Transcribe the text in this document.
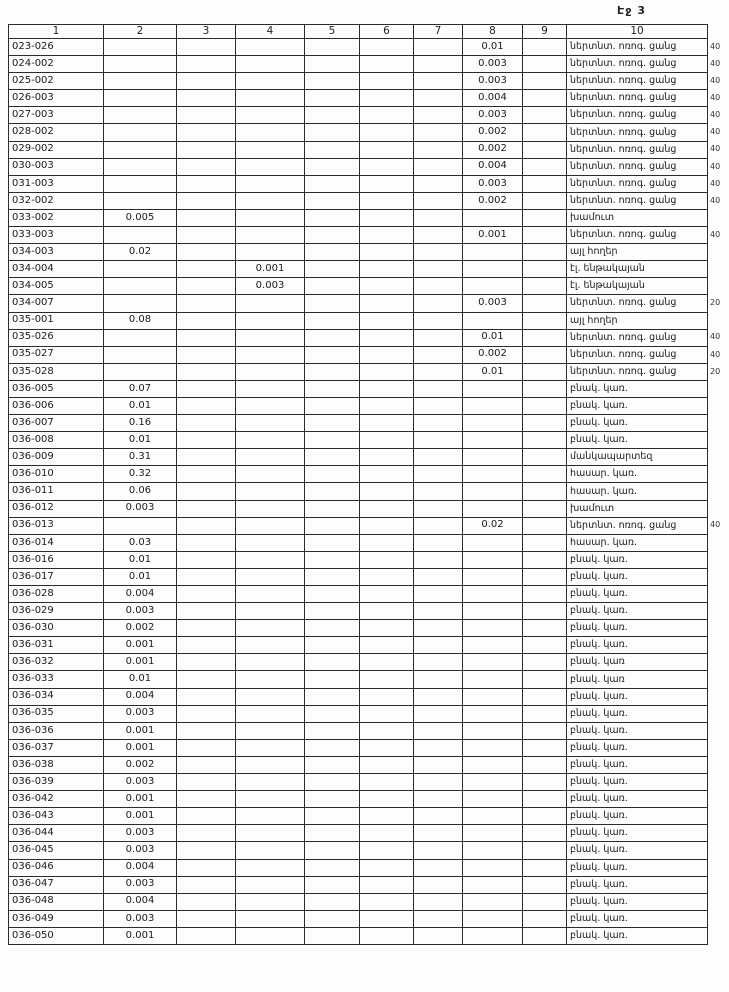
Էջ 3
1	2	3	4	5	6	7	8	9	10	
023-026							0.01		ներտնտ. ոռոգ. ցանց	40
024-002							0.003		ներտնտ. ոռոգ. ցանց	40
025-002							0.003		ներտնտ. ոռոգ. ցանց	40
026-003							0.004		ներտնտ. ոռոգ. ցանց	40
027-003							0.003		ներտնտ. ոռոգ. ցանց	40
028-002							0.002		ներտնտ. ոռոգ. ցանց	40
029-002							0.002		ներտնտ. ոռոգ. ցանց	40
030-003							0.004		ներտնտ. ոռոգ. ցանց	40
031-003							0.003		ներտնտ. ոռոգ. ցանց	40
032-002							0.002		ներտնտ. ոռոգ. ցանց	40
033-002	0.005								խամուտ	
033-003							0.001		ներտնտ. ոռոգ. ցանց	40
034-003	0.02								այլ հողեր	
034-004			0.001						էլ. ենթակայան	
034-005			0.003						էլ. ենթակայան	
034-007							0.003		ներտնտ. ոռոգ. ցանց	20
035-001	0.08								այլ հողեր	
035-026							0.01		ներտնտ. ոռոգ. ցանց	40
035-027							0.002		ներտնտ. ոռոգ. ցանց	40
035-028							0.01		ներտնտ. ոռոգ. ցանց	20
036-005	0.07								բնակ. կառ.	
036-006	0.01								բնակ. կառ.	
036-007	0.16								բնակ. կառ.	
036-008	0.01								բնակ. կառ.	
036-009	0.31								մանկապարտեզ	
036-010	0.32								հասար. կառ.	
036-011	0.06								հասար. կառ.	
036-012	0.003								խամուտ	
036-013							0.02		ներտնտ. ոռոգ. ցանց	40
036-014	0.03								հասար. կառ.	
036-016	0.01								բնակ. կառ.	
036-017	0.01								բնակ. կառ.	
036-028	0.004								բնակ. կառ.	
036-029	0.003								բնակ. կառ.	
036-030	0.002								բնակ. կառ.	
036-031	0.001								բնակ. կառ.	
036-032	0.001								բնակ. կառ	
036-033	0.01								բնակ. կառ	
036-034	0.004								բնակ. կառ.	
036-035	0.003								բնակ. կառ.	
036-036	0.001								բնակ. կառ.	
036-037	0.001								բնակ. կառ.	
036-038	0.002								բնակ. կառ.	
036-039	0.003								բնակ. կառ.	
036-042	0.001								բնակ. կառ.	
036-043	0.001								բնակ. կառ.	
036-044	0.003								բնակ. կառ.	
036-045	0.003								բնակ. կառ.	
036-046	0.004								բնակ. կառ.	
036-047	0.003								բնակ. կառ.	
036-048	0.004								բնակ. կառ.	
036-049	0.003								բնակ. կառ.	
036-050	0.001								բնակ. կառ.	
